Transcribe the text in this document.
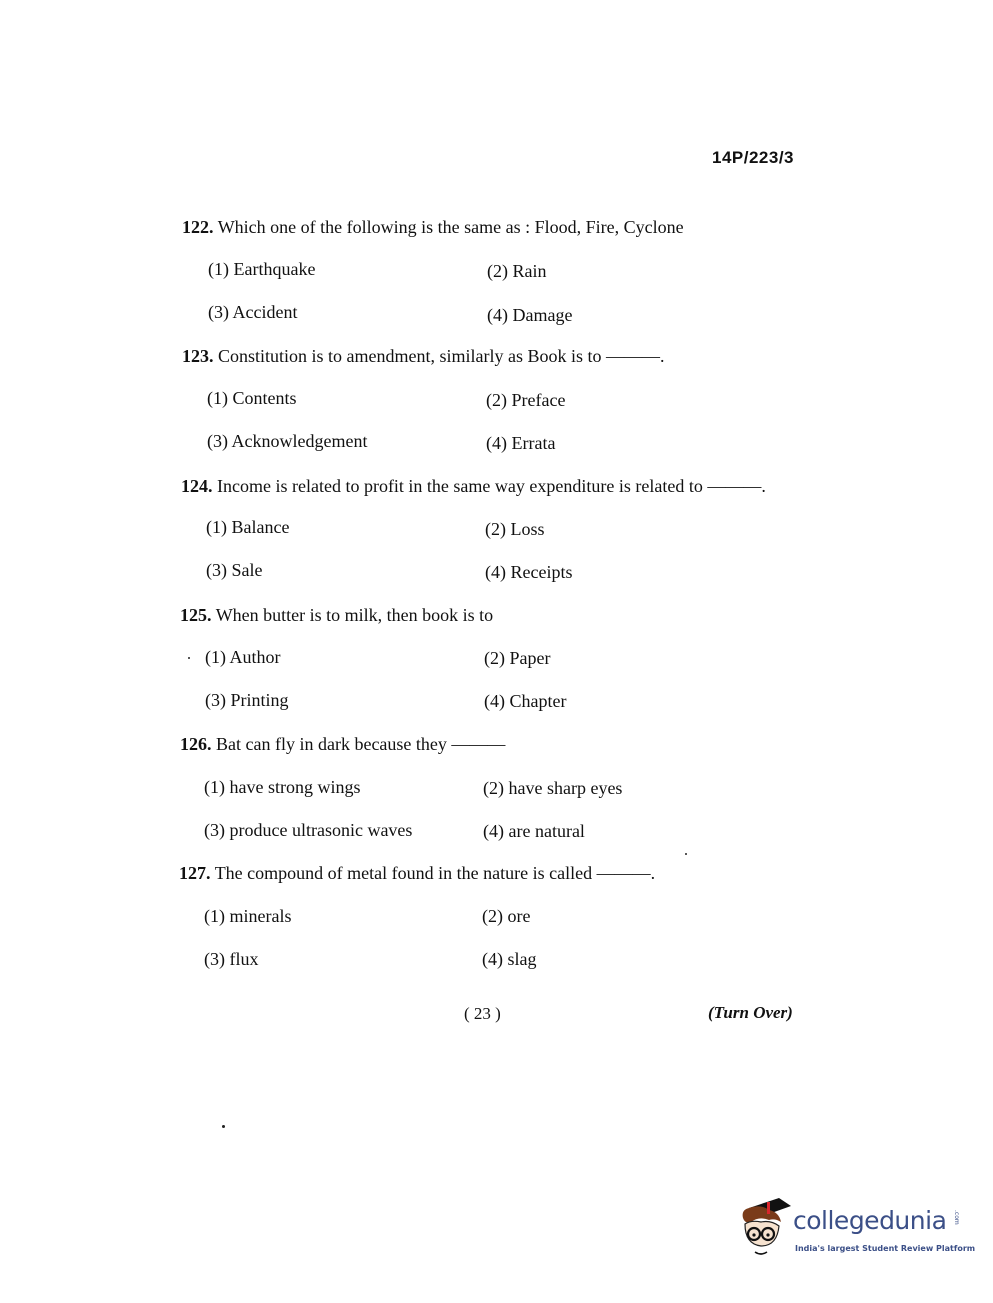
14P/223/3
122. Which one of the following is the same as : Flood, Fire, Cyclone
(1) Earthquake	(2) Rain
(3) Accident	(4) Damage
123. Constitution is to amendment, similarly as Book is to ———.
(1) Contents	(2) Preface
(3) Acknowledgement	(4) Errata
124. Income is related to profit in the same way expenditure is related to ———.
(1) Balance	(2) Loss
(3) Sale	(4) Receipts
125. When butter is to milk, then book is to
(1) Author	(2) Paper
(3) Printing	(4) Chapter
126. Bat can fly in dark because they ———
(1) have strong wings	(2) have sharp eyes
(3) produce ultrasonic waves	(4) are natural
127. The compound of metal found in the nature is called ———.
(1) minerals	(2) ore
(3) flux	(4) slag
( 23 )	(Turn Over)
collegedunia .com
India's largest Student Review Platform
